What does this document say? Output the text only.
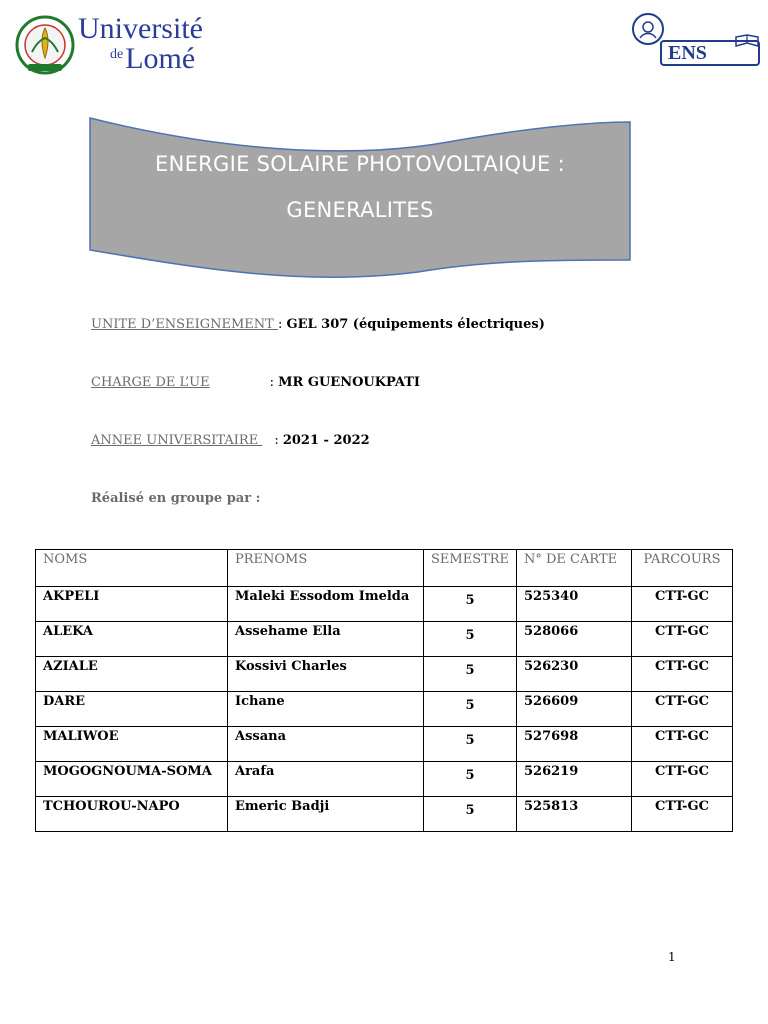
Université
$^{de}$Lomé	ENS
ENERGIE SOLAIRE PHOTOVOLTAIQUE :
GENERALITES
UNITE D’ENSEIGNEMENT : GEL 307 (équipements électriques)
CHARGE DE L’UE	: MR GUENOUKPATI
ANNEE UNIVERSITAIRE : 2021 - 2022
Réalisé en groupe par :
NOMS	PRENOMS	SEMESTRE	N° DE CARTE	PARCOURS
AKPELI	Maleki Essodom Imelda	5	525340	CTT-GC
ALEKA	Assehame Ella	5	528066	CTT-GC
AZIALE	Kossivi Charles	5	526230	CTT-GC
DARE	Ichane	5	526609	CTT-GC
MALIWOE	Assana	5	527698	CTT-GC
MOGOGNOUMA-SOMA	Arafa	5	526219	CTT-GC
TCHOUROU-NAPO	Emeric Badji	5	525813	CTT-GC
1
